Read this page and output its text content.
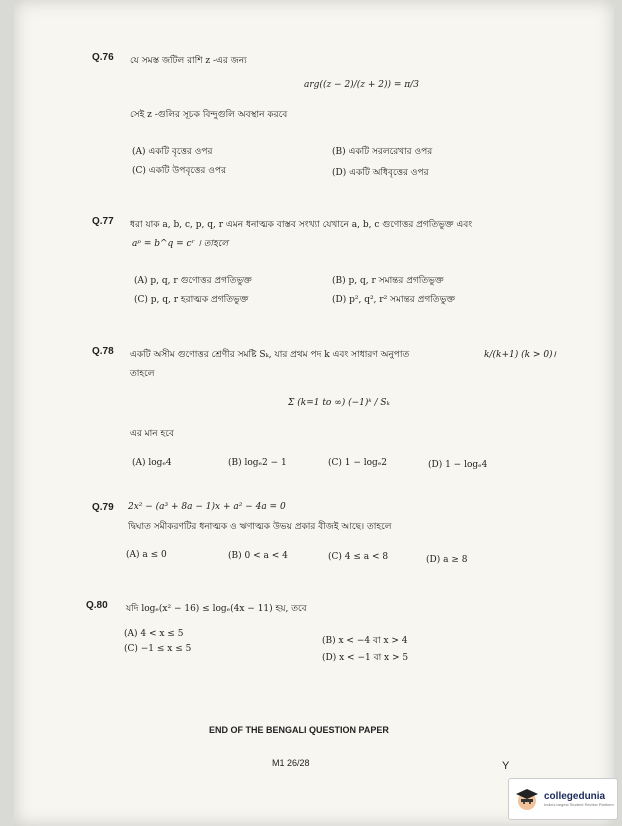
Q.76 যে সমস্ত জটিল রাশি z -এর জন্য
arg((z − 2)/(z + 2)) = π/3
সেই z -গুলির সূচক বিন্দুগুলি অবস্থান করবে
(A) একটি বৃত্তের ওপর	(B) একটি সরলরেখার ওপর
(C) একটি উপবৃত্তের ওপর	(D) একটি অধিবৃত্তের ওপর
Q.77 ধরা যাক a, b, c, p, q, r এমন ধনাত্মক বাস্তব সংখ্যা যেখানে a, b, c গুণোত্তর প্রগতিভুক্ত এবং
aᵖ = b^q = cʳ । তাহলে
(A) p, q, r গুণোত্তর প্রগতিভুক্ত	(B) p, q, r সমান্তর প্রগতিভুক্ত
(C) p, q, r হরাত্মক প্রগতিভুক্ত	(D) p², q², r² সমান্তর প্রগতিভুক্ত
Q.78 একটি অসীম গুণোত্তর শ্রেণীর সমষ্টি Sₖ, যার প্রথম পদ k এবং সাধারণ অনুপাত	k/(k+1) (k > 0)।
তাহলে
Σ (k=1 to ∞) (−1)ᵏ / Sₖ
এর মান হবে
(A) logₑ4	(B) logₑ2 − 1	(C) 1 − logₑ2	(D) 1 − logₑ4
Q.79 2x² − (a³ + 8a − 1)x + a² − 4a = 0
দ্বিঘাত সমীকরণটির ধনাত্মক ও ঋণাত্মক উভয় প্রকার বীজই আছে। তাহলে
(A) a ≤ 0	(B) 0 < a < 4	(C) 4 ≤ a < 8	(D) a ≥ 8
Q.80 যদি logₑ(x² − 16) ≤ logₑ(4x − 11) হয়, তবে
(A) 4 < x ≤ 5
(B) x < −4 বা x > 4
(C) −1 ≤ x ≤ 5
(D) x < −1 বা x > 5
END OF THE BENGALI QUESTION PAPER
M1 26/28	Y
collegedunia
India's largest Student Review Platform
